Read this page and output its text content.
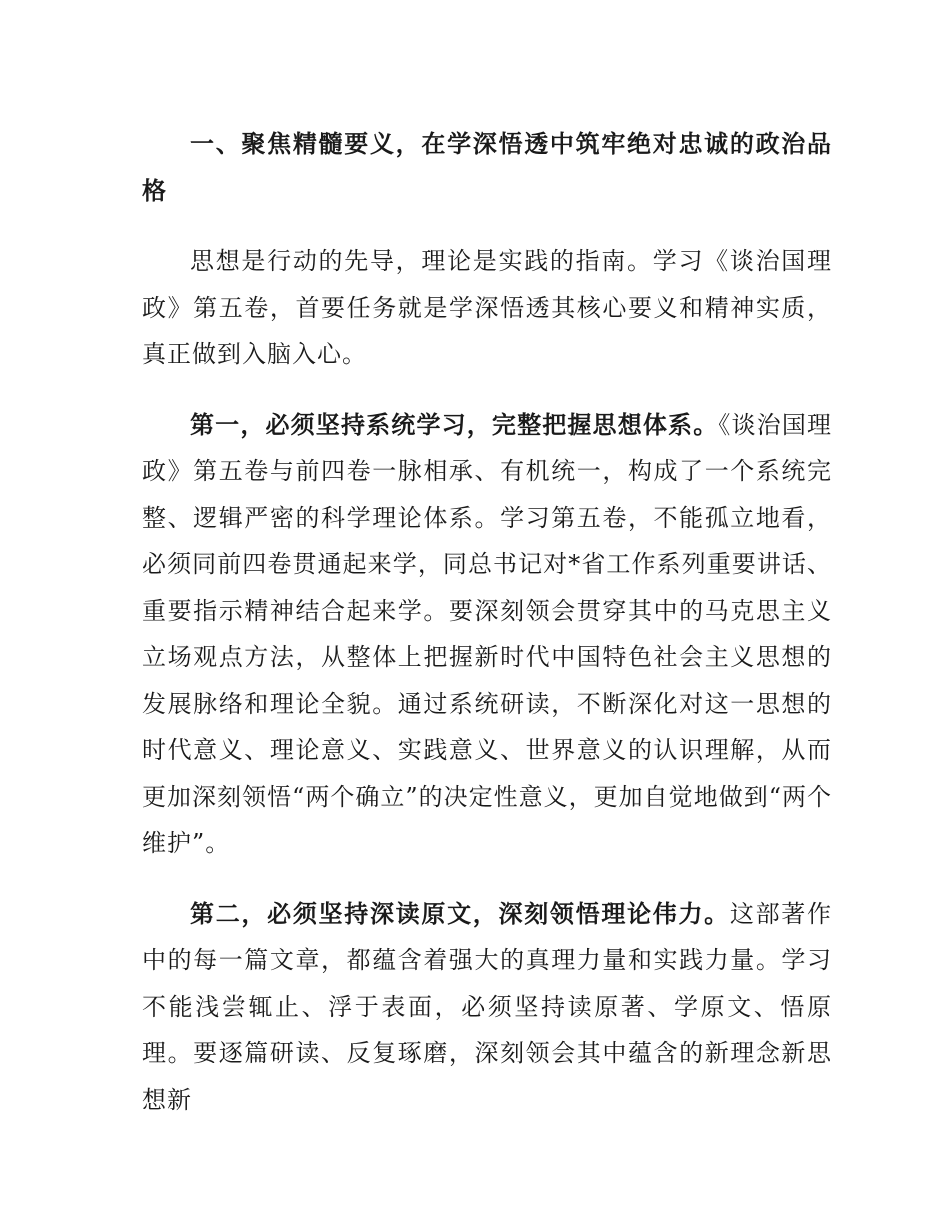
一、聚焦精髓要义，在学深悟透中筑牢绝对忠诚的政治品格

思想是行动的先导，理论是实践的指南。学习《谈治国理政》第五卷，首要任务就是学深悟透其核心要义和精神实质，真正做到入脑入心。

第一，必须坚持系统学习，完整把握思想体系。《谈治国理政》第五卷与前四卷一脉相承、有机统一，构成了一个系统完整、逻辑严密的科学理论体系。学习第五卷，不能孤立地看，必须同前四卷贯通起来学，同总书记对*省工作系列重要讲话、重要指示精神结合起来学。要深刻领会贯穿其中的马克思主义立场观点方法，从整体上把握新时代中国特色社会主义思想的发展脉络和理论全貌。通过系统研读，不断深化对这一思想的时代意义、理论意义、实践意义、世界意义的认识理解，从而更加深刻领悟“两个确立”的决定性意义，更加自觉地做到“两个维护”。

第二，必须坚持深读原文，深刻领悟理论伟力。这部著作中的每一篇文章，都蕴含着强大的真理力量和实践力量。学习不能浅尝辄止、浮于表面，必须坚持读原著、学原文、悟原理。要逐篇研读、反复琢磨，深刻领会其中蕴含的新理念新思想新
